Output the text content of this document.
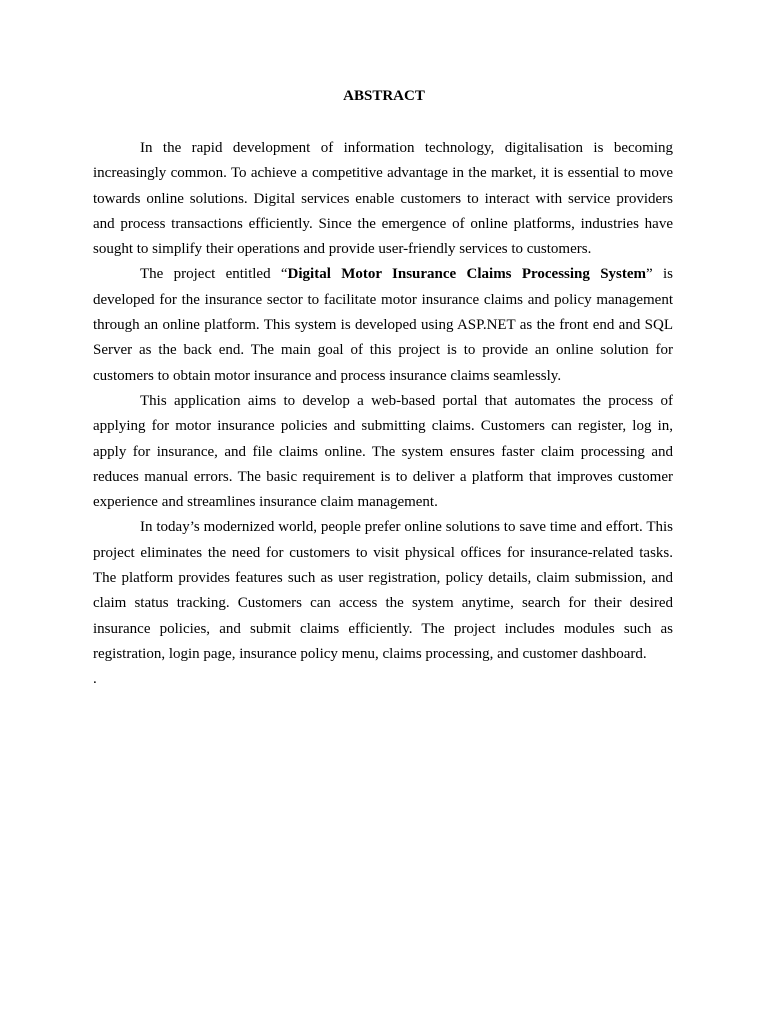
ABSTRACT

In the rapid development of information technology, digitalisation is becoming increasingly common. To achieve a competitive advantage in the market, it is essential to move towards online solutions. Digital services enable customers to interact with service providers and process transactions efficiently. Since the emergence of online platforms, industries have sought to simplify their operations and provide user-friendly services to customers.

The project entitled “Digital Motor Insurance Claims Processing System” is developed for the insurance sector to facilitate motor insurance claims and policy management through an online platform. This system is developed using ASP.NET as the front end and SQL Server as the back end. The main goal of this project is to provide an online solution for customers to obtain motor insurance and process insurance claims seamlessly.

This application aims to develop a web-based portal that automates the process of applying for motor insurance policies and submitting claims. Customers can register, log in, apply for insurance, and file claims online. The system ensures faster claim processing and reduces manual errors. The basic requirement is to deliver a platform that improves customer experience and streamlines insurance claim management.

In today’s modernized world, people prefer online solutions to save time and effort. This project eliminates the need for customers to visit physical offices for insurance-related tasks. The platform provides features such as user registration, policy details, claim submission, and claim status tracking. Customers can access the system anytime, search for their desired insurance policies, and submit claims efficiently. The project includes modules such as registration, login page, insurance policy menu, claims processing, and customer dashboard.

.
